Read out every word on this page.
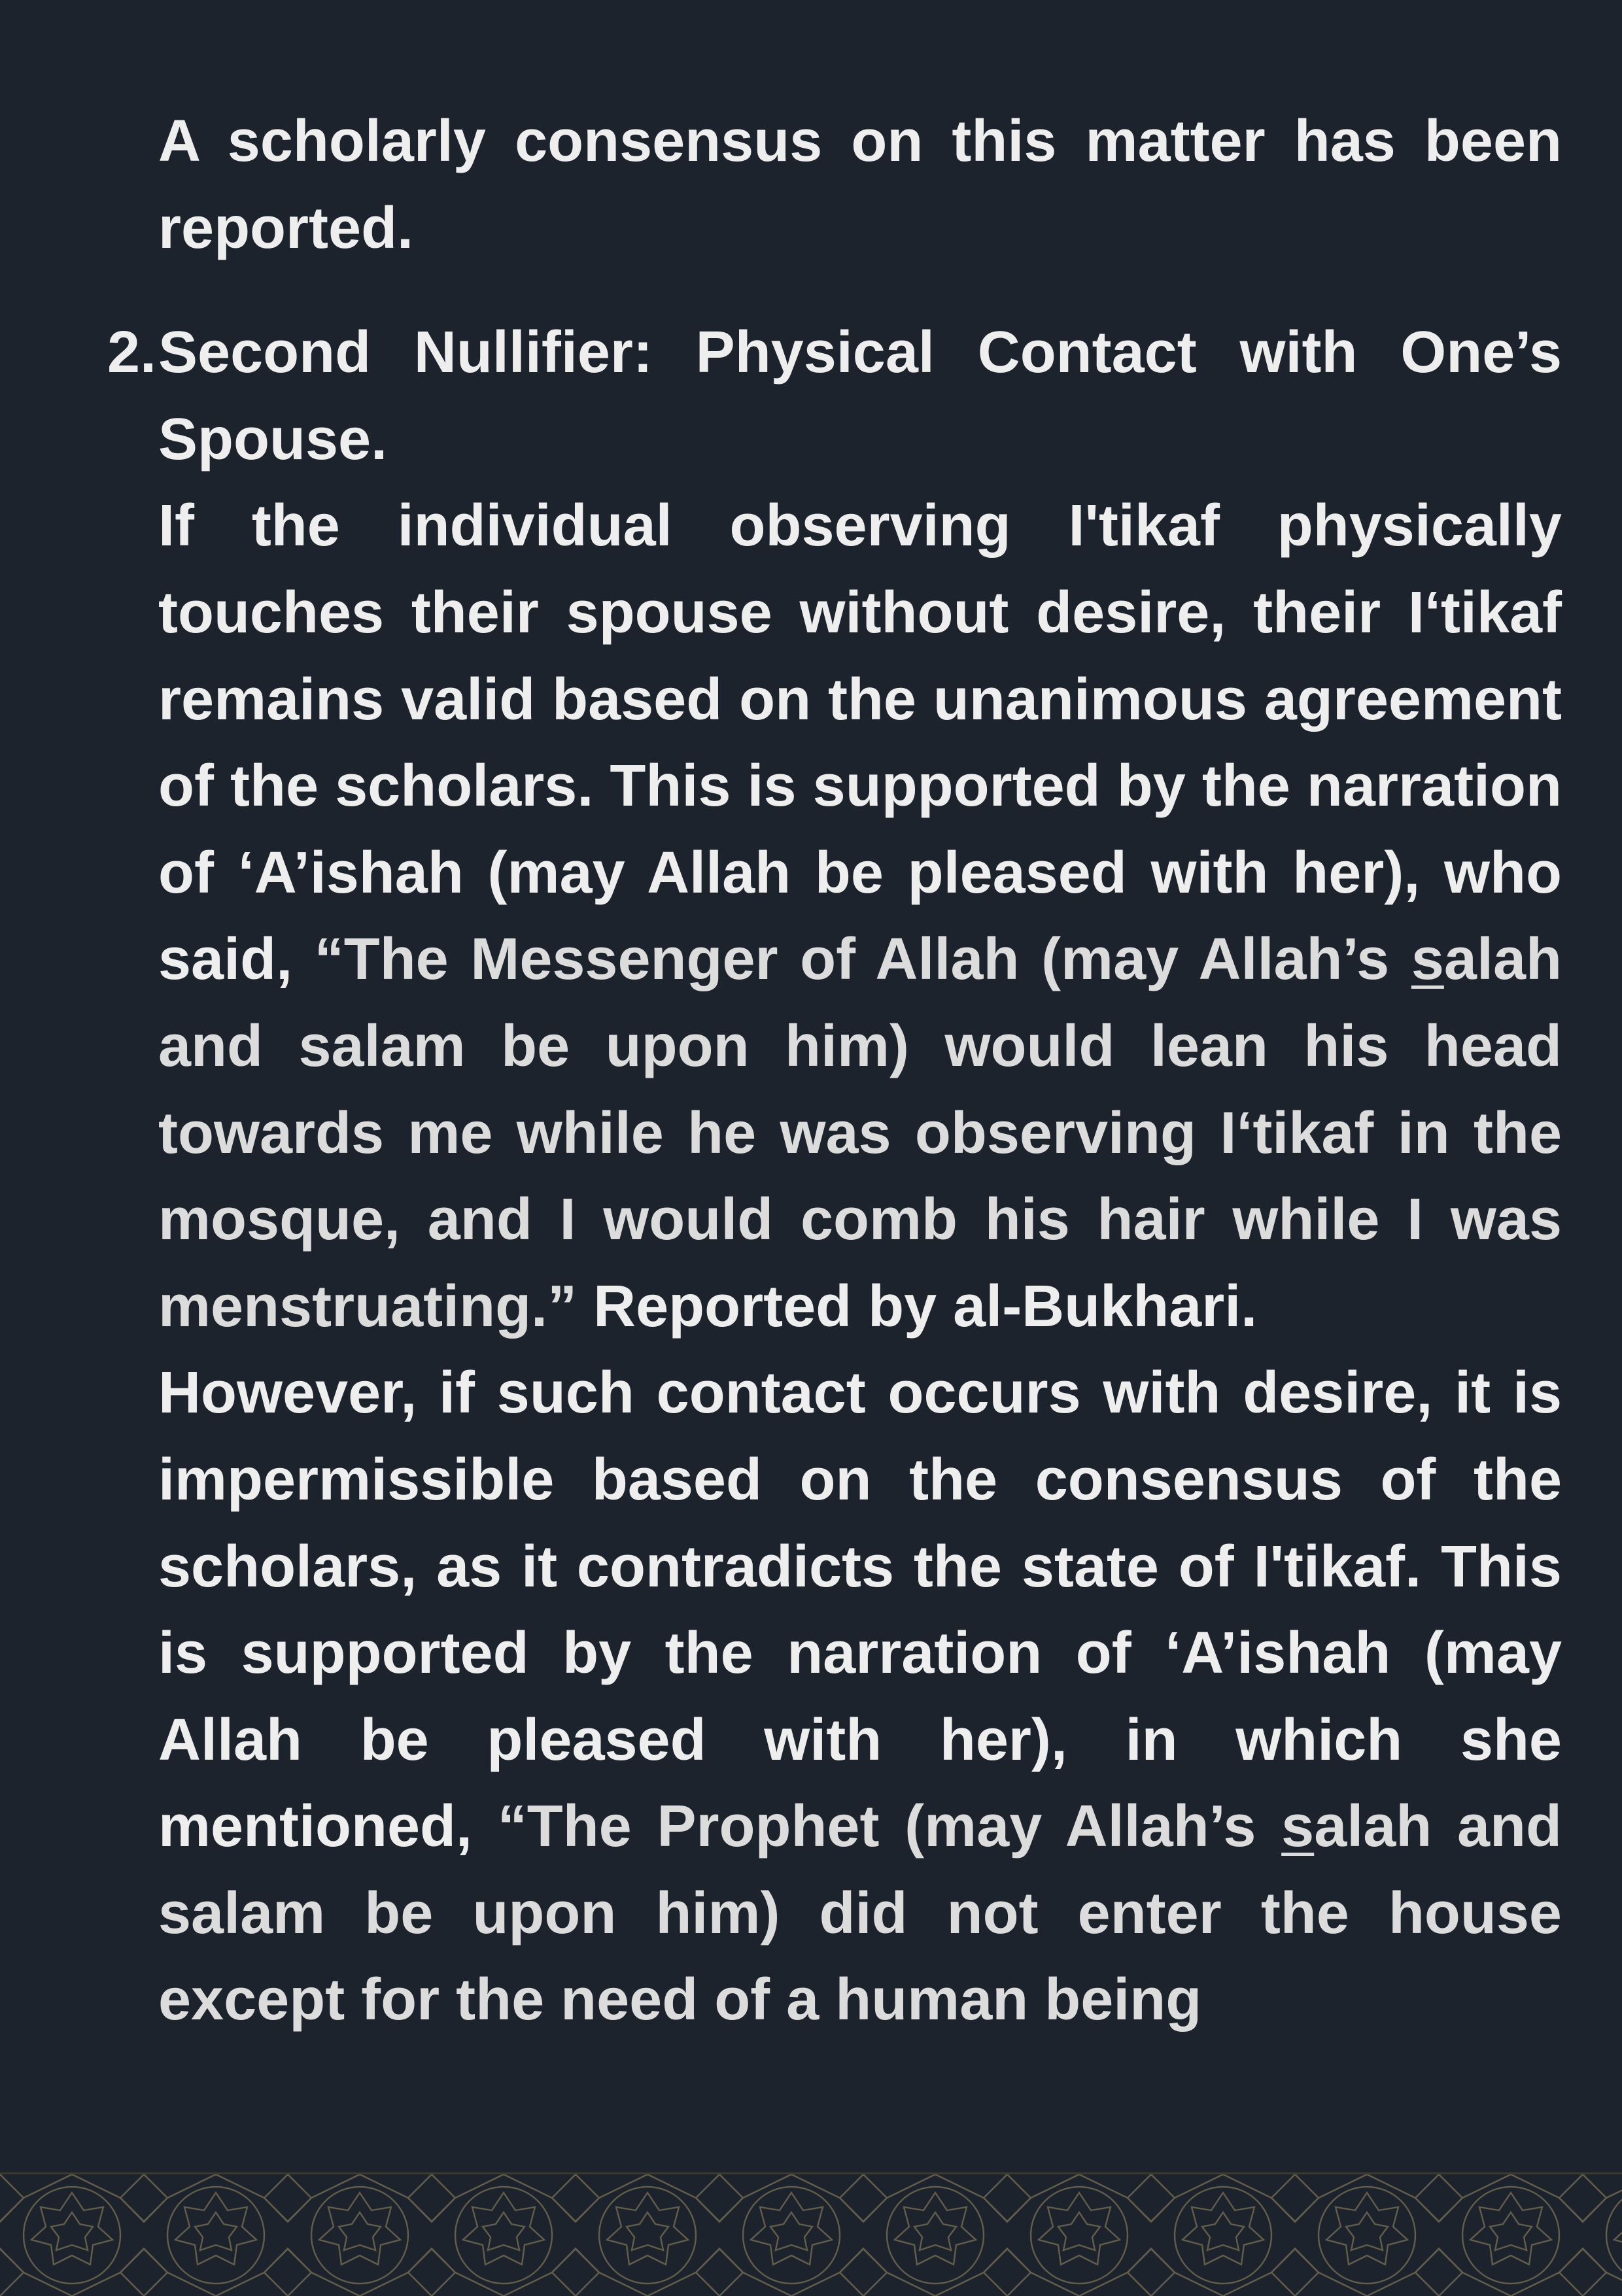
A scholarly consensus on this matter has been reported.

2. Second Nullifier: Physical Contact with One’s Spouse.

If the individual observing I'tikaf physically touches their spouse without desire, their I‘tikaf remains valid based on the unanimous agreement of the scholars. This is supported by the narration of ‘A’ishah (may Allah be pleased with her), who said, “The Messenger of Allah (may Allah’s salah and salam be upon him) would lean his head towards me while he was observing I‘tikaf in the mosque, and I would comb his hair while I was menstruating.” Reported by al-Bukhari.

However, if such contact occurs with desire, it is impermissible based on the consensus of the scholars, as it contradicts the state of I'tikaf. This is supported by the narration of ‘A’ishah (may Allah be pleased with her), in which she mentioned, “The Prophet (may Allah’s salah and salam be upon him) did not enter the house except for the need of a human being
